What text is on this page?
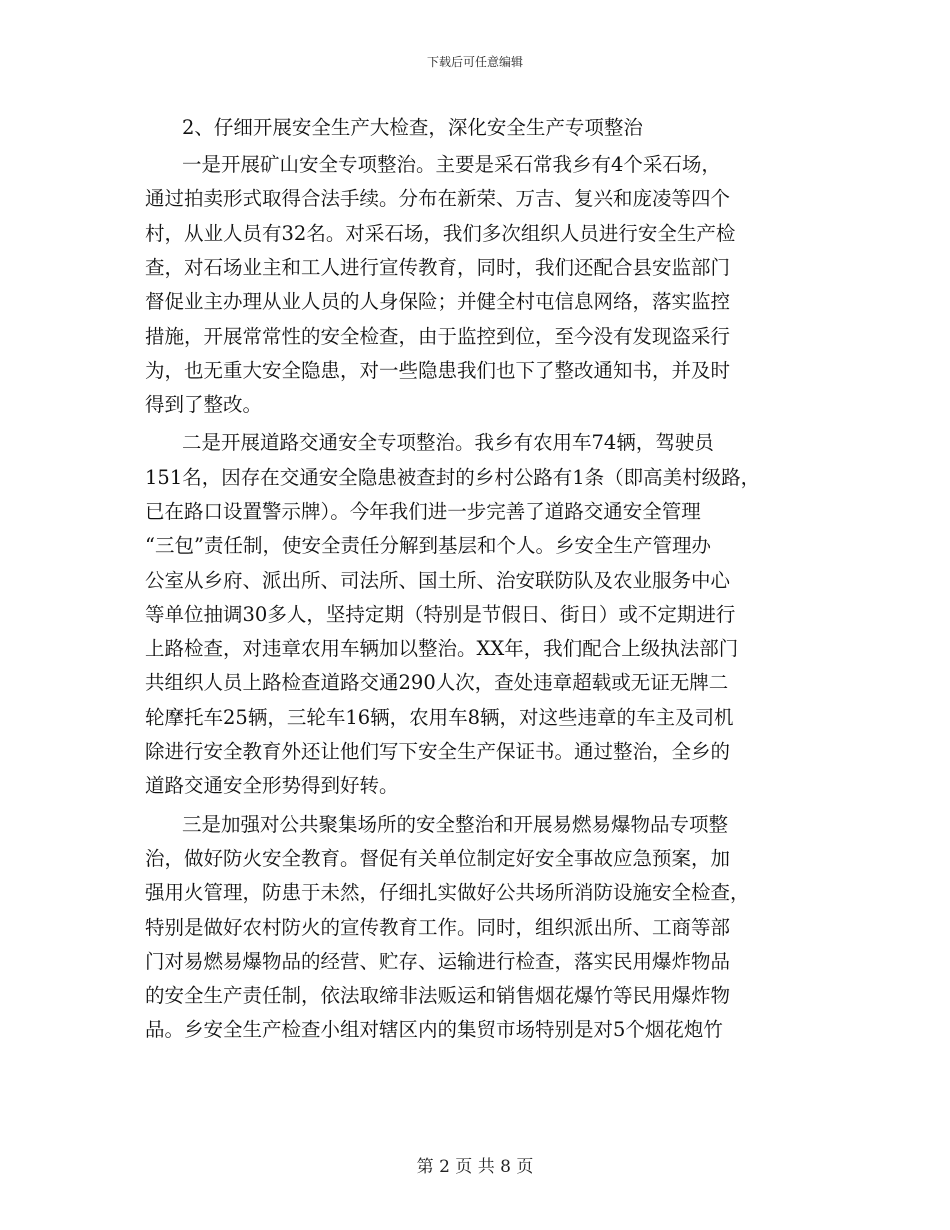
下载后可任意编辑
2、仔细开展安全生产大检查，深化安全生产专项整治
一是开展矿山安全专项整治。主要是采石常我乡有4个采石场，
通过拍卖形式取得合法手续。分布在新荣、万吉、复兴和庞凌等四个
村，从业人员有32名。对采石场，我们多次组织人员进行安全生产检
查，对石场业主和工人进行宣传教育，同时，我们还配合县安监部门
督促业主办理从业人员的人身保险；并健全村屯信息网络，落实监控
措施，开展常常性的安全检查，由于监控到位，至今没有发现盗采行
为，也无重大安全隐患，对一些隐患我们也下了整改通知书，并及时
得到了整改。
二是开展道路交通安全专项整治。我乡有农用车74辆，驾驶员
151名，因存在交通安全隐患被查封的乡村公路有1条（即高美村级路，
已在路口设置警示牌）。今年我们进一步完善了道路交通安全管理
“三包”责任制，使安全责任分解到基层和个人。乡安全生产管理办
公室从乡府、派出所、司法所、国土所、治安联防队及农业服务中心
等单位抽调30多人，坚持定期（特别是节假日、街日）或不定期进行
上路检查，对违章农用车辆加以整治。XX年，我们配合上级执法部门
共组织人员上路检查道路交通290人次，查处违章超载或无证无牌二
轮摩托车25辆，三轮车16辆，农用车8辆，对这些违章的车主及司机
除进行安全教育外还让他们写下安全生产保证书。通过整治，全乡的
道路交通安全形势得到好转。
三是加强对公共聚集场所的安全整治和开展易燃易爆物品专项整
治，做好防火安全教育。督促有关单位制定好安全事故应急预案，加
强用火管理，防患于未然，仔细扎实做好公共场所消防设施安全检查，
特别是做好农村防火的宣传教育工作。同时，组织派出所、工商等部
门对易燃易爆物品的经营、贮存、运输进行检查，落实民用爆炸物品
的安全生产责任制，依法取缔非法贩运和销售烟花爆竹等民用爆炸物
品。乡安全生产检查小组对辖区内的集贸市场特别是对5个烟花炮竹
第 2 页 共 8 页
